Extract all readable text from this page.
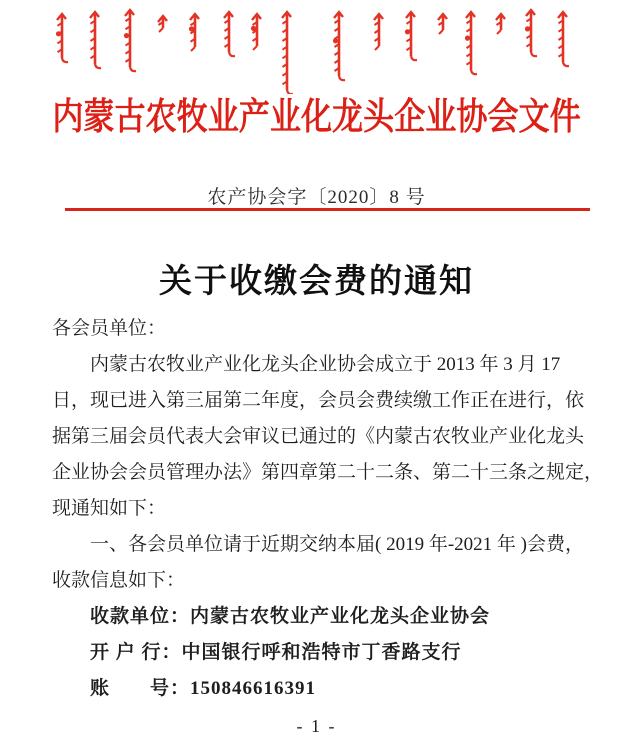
内蒙古农牧业产业化龙头企业协会文件
农产协会字〔2020〕8 号
关于收缴会费的通知
各会员单位：
内蒙古农牧业产业化龙头企业协会成立于 2013 年 3 月 17
日，现已进入第三届第二年度，会员会费续缴工作正在进行，依
据第三届会员代表大会审议已通过的《内蒙古农牧业产业化龙头
企业协会会员管理办法》第四章第二十二条、第二十三条之规定，
现通知如下：
一、各会员单位请于近期交纳本届( 2019 年-2021 年 )会费，
收款信息如下：
收款单位：内蒙古农牧业产业化龙头企业协会
开 户 行：中国银行呼和浩特市丁香路支行
账　　号：150846616391
- 1 -
